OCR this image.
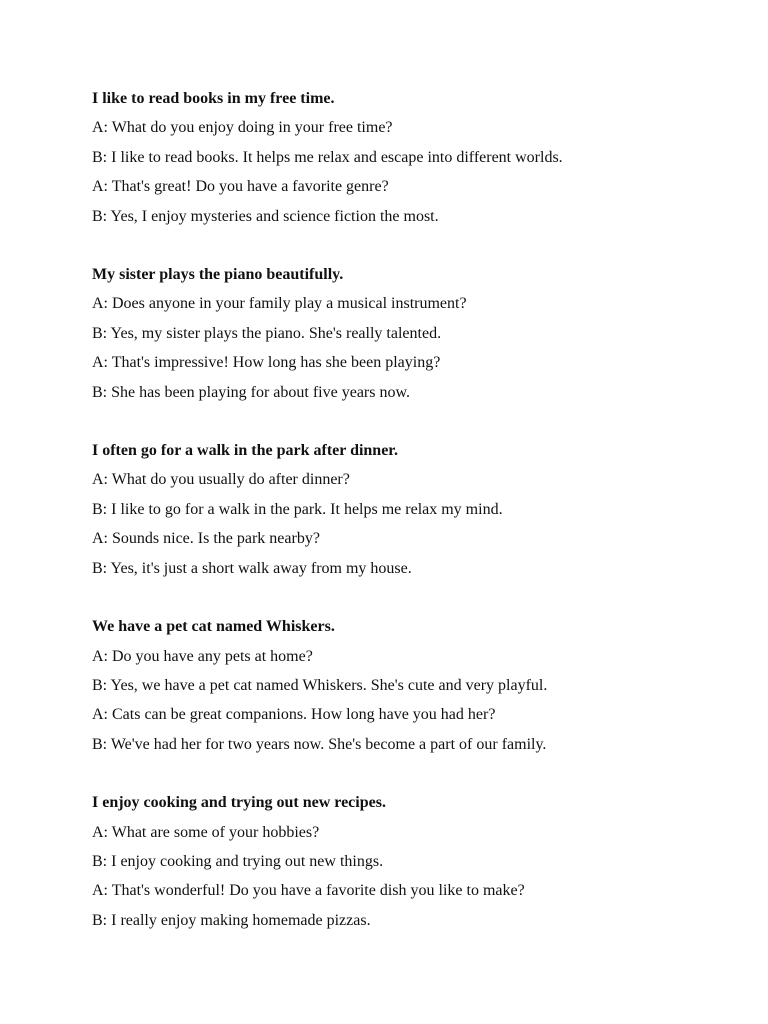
I like to read books in my free time.
A: What do you enjoy doing in your free time?
B: I like to read books. It helps me relax and escape into different worlds.
A: That's great! Do you have a favorite genre?
B: Yes, I enjoy mysteries and science fiction the most.
My sister plays the piano beautifully.
A: Does anyone in your family play a musical instrument?
B: Yes, my sister plays the piano. She's really talented.
A: That's impressive! How long has she been playing?
B: She has been playing for about five years now.
I often go for a walk in the park after dinner.
A: What do you usually do after dinner?
B: I like to go for a walk in the park. It helps me relax my mind.
A: Sounds nice. Is the park nearby?
B: Yes, it's just a short walk away from my house.
We have a pet cat named Whiskers.
A: Do you have any pets at home?
B: Yes, we have a pet cat named Whiskers. She's cute and very playful.
A: Cats can be great companions. How long have you had her?
B: We've had her for two years now. She's become a part of our family.
I enjoy cooking and trying out new recipes.
A: What are some of your hobbies?
B: I enjoy cooking and trying out new things.
A: That's wonderful! Do you have a favorite dish you like to make?
B: I really enjoy making homemade pizzas.
